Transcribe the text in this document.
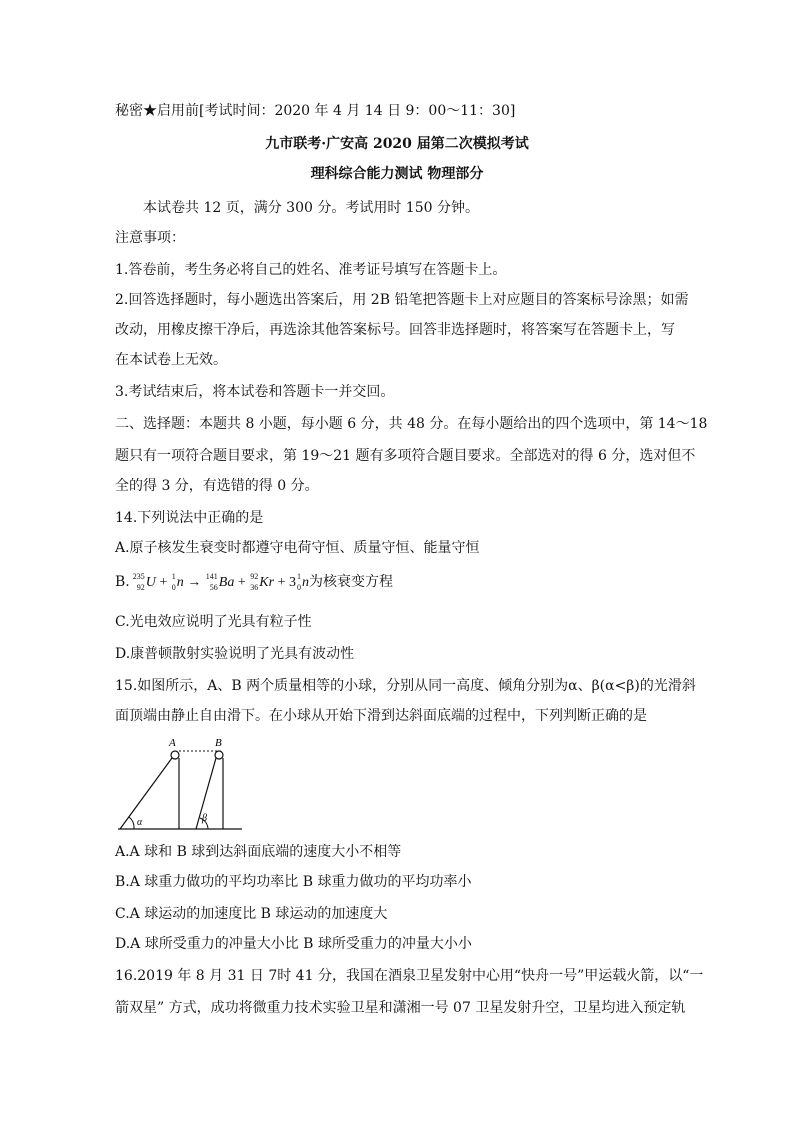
秘密★启用前[考试时间：2020 年 4 月 14 日 9：00～11：30]
九市联考·广安高 2020 届第二次模拟考试
理科综合能力测试 物理部分
本试卷共 12 页，满分 300 分。考试用时 150 分钟。
注意事项：
1.答卷前，考生务必将自己的姓名、准考证号填写在答题卡上。
2.回答选择题时，每小题选出答案后，用 2B 铅笔把答题卡上对应题目的答案标号涂黑；如需
改动，用橡皮擦干净后，再选涂其他答案标号。回答非选择题时，将答案写在答题卡上，写
在本试卷上无效。
3.考试结束后，将本试卷和答题卡一并交回。
二、选择题：本题共 8 小题，每小题 6 分，共 48 分。在每小题给出的四个选项中，第 14～18
题只有一项符合题目要求，第 19～21 题有多项符合题目要求。全部选对的得 6 分，选对但不
全的得 3 分，有选错的得 0 分。
14.下列说法中正确的是
A.原子核发生衰变时都遵守电荷守恒、质量守恒、能量守恒
B. 235
92 U + 1
0 n → 141
56 Ba + 92
36 Kr + 3 1
0 n为核衰变方程
C.光电效应说明了光具有粒子性
D.康普顿散射实验说明了光具有波动性
15.如图所示，A、B 两个质量相等的小球，分别从同一高度、倾角分别为α、β(α<β)的光滑斜
面顶端由静止自由滑下。在小球从开始下滑到达斜面底端的过程中，下列判断正确的是
A	B
α	β
A.A 球和 B 球到达斜面底端的速度大小不相等
B.A 球重力做功的平均功率比 B 球重力做功的平均功率小
C.A 球运动的加速度比 B 球运动的加速度大
D.A 球所受重力的冲量大小比 B 球所受重力的冲量大小小
16.2019 年 8 月 31 日 7时 41 分，我国在酒泉卫星发射中心用“快舟一号”甲运载火箭，以“一
箭双星” 方式，成功将微重力技术实验卫星和潇湘一号 07 卫星发射升空，卫星均进入预定轨
